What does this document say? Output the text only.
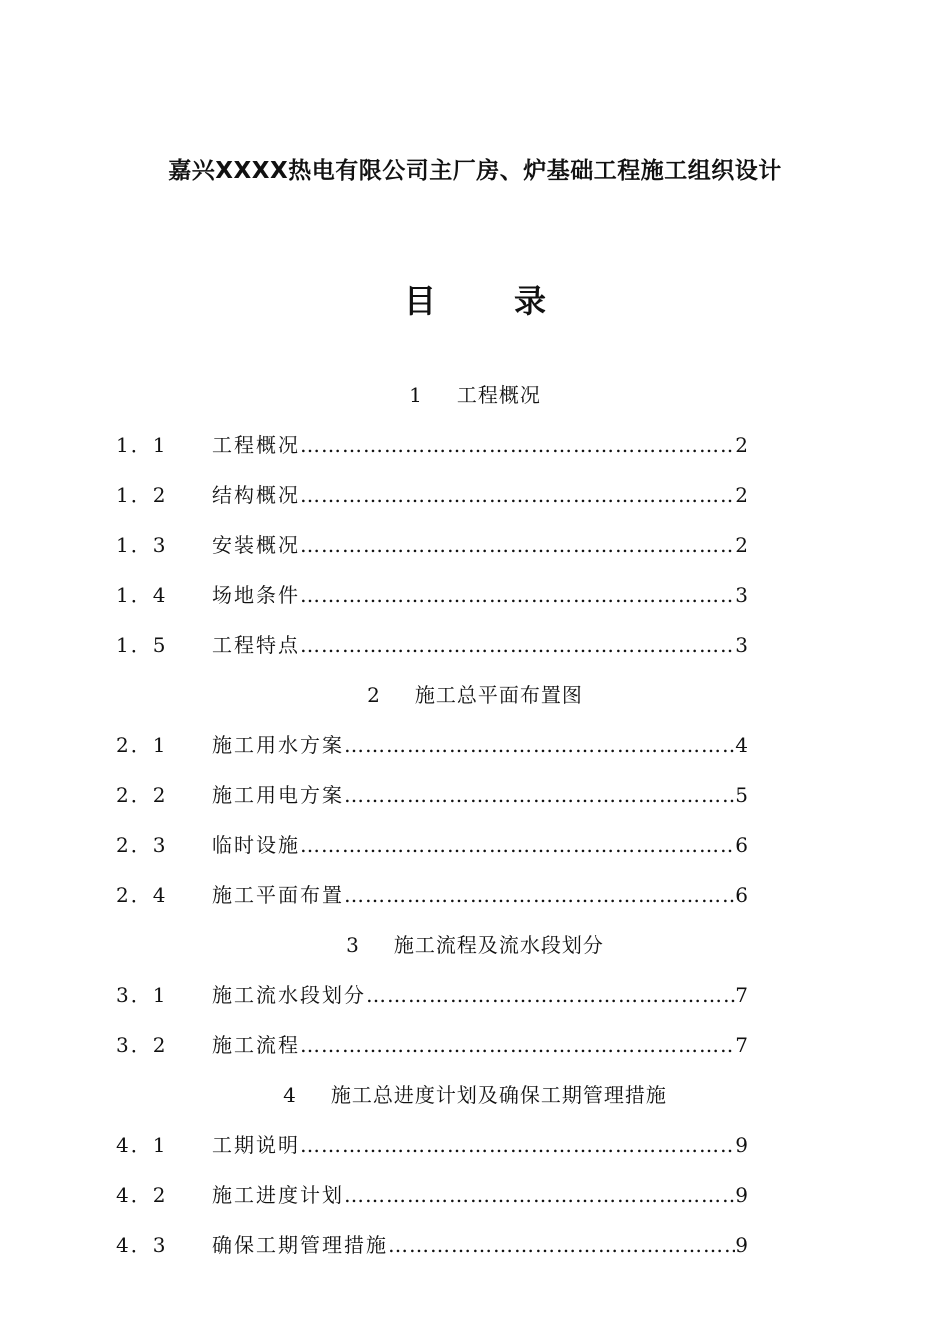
嘉兴XXXX热电有限公司主厂房、炉基础工程施工组织设计
目录
1 工程概况
1．1 工程概况 …………………………………………………………………………………………………………………………………………	2
1．2 结构概况 …………………………………………………………………………………………………………………………………………	2
1．3 安装概况 …………………………………………………………………………………………………………………………………………	2
1．4 场地条件 …………………………………………………………………………………………………………………………………………	3
1．5 工程特点 …………………………………………………………………………………………………………………………………………	3
2 施工总平面布置图
2．1 施工用水方案 …………………………………………………………………………………………………………………………………………	4
2．2 施工用电方案 …………………………………………………………………………………………………………………………………………	5
2．3 临时设施 …………………………………………………………………………………………………………………………………………	6
2．4 施工平面布置 …………………………………………………………………………………………………………………………………………	6
3 施工流程及流水段划分
3．1 施工流水段划分 …………………………………………………………………………………………………………………………………………	7
3．2 施工流程 …………………………………………………………………………………………………………………………………………	7
4 施工总进度计划及确保工期管理措施
4．1 工期说明 …………………………………………………………………………………………………………………………………………	9
4．2 施工进度计划 …………………………………………………………………………………………………………………………………………	9
4．3 确保工期管理措施 …………………………………………………………………………………………………………………………………………	9
